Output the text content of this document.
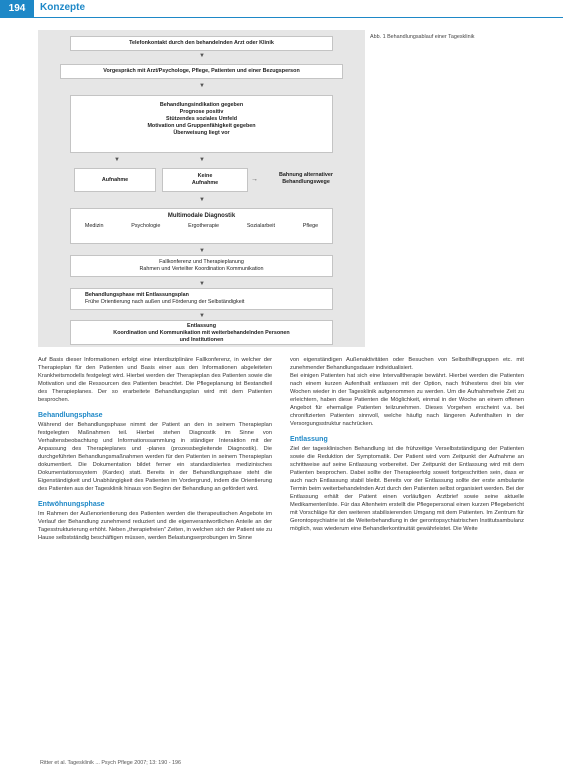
194	Konzepte
Telefonkontakt durch den behandelnden Arzt oder Klinik
▼
Vorgespräch mit Arzt/Psychologe, Pflege, Patienten und einer Bezugsperson
▼
Behandlungsindikation gegeben
Prognose positiv
Stützendes soziales Umfeld
Motivation und Gruppenfähigkeit gegeben
Überweisung liegt vor
▼	▼
Aufnahme
Keine
Aufnahme	→
Bahnung alternativer
Behandlungswege
▼
Multimodale Diagnostik
Medizin	Psychologie	Ergotherapie	Sozialarbeit	Pflege
▼
Fallkonferenz und Therapieplanung
Rahmen und Verteilter Koordination Kommunikation
▼
Behandlungsphase mit Entlassungsplan
Frühe Orientierung nach außen und Förderung der Selbständigkeit
▼
Entlassung
Koordination und Kommunikation mit weiterbehandelnden Personen
und Institutionen
Abb. 1 Behandlungsablauf einer Tagesklinik

Auf Basis dieser Informationen erfolgt eine interdisziplinäre Fallkonferenz, in welcher der Therapieplan für den Patienten und Basis einer aus den Informationen abgeleiteten Krankheitsmodells festgelegt wird. Hierbei werden der Therapieplan des Patienten sowie die Motivation und die Ressourcen des Patienten beachtet. Die Pflegeplanung ist Bestandteil des Therapieplanes. Der so erarbeitete Behandlungsplan wird mit dem Patienten besprochen.

Behandlungsphase

Während der Behandlungsphase nimmt der Patient an den in seinem Therapieplan festgelegten Maßnahmen teil. Hierbei stehen Diagnostik im Sinne von Verhaltensbeobachtung und Informationssammlung in ständiger Interaktion mit der Anpassung des Therapieplanes und -planes (prozessbegleitende Diagnostik). Die durchgeführten Behandlungsmaßnahmen werden für den Patienten in seinem Therapieplan dokumentiert. Die Dokumentation bildet ferner ein standardisiertes medizinisches Dokumentationssystem (Kardex) statt. Bereits in der Behandlungsphase steht die Eigenständigkeit und Unabhängigkeit des Patienten im Vordergrund, indem die Orientierung des Patienten aus der Tagesklinik hinaus von Beginn der Behandlung an gefördert wird.

Entwöhnungsphase

Im Rahmen der Außenorientierung des Patienten werden die therapeutischen Angebote im Verlauf der Behandlung zunehmend reduziert und die eigenverantwortlichen Anteile an der Tagesstrukturierung erhöht. Neben „therapiefreien" Zeiten, in welchen sich der Patient wie zu Hause selbstständig beschäftigen müssen, werden Belastungserprobungen im Sinne

von eigenständigen Außenaktivitäten oder Besuchen von Selbsthilfegruppen etc. mit zunehmender Behandlungsdauer individualisiert.

Bei einigen Patienten hat sich eine Intervalltherapie bewährt. Hierbei werden die Patienten nach einem kurzen Aufenthalt entlassen mit der Option, nach frühestens drei bis vier Wochen wieder in der Tagesklinik aufgenommen zu werden. Um die Aufnahmefreie Zeit zu erleichtern, haben diese Patienten die Möglichkeit, einmal in der Woche an einem offenen Angebot für ehemalige Patienten teilzunehmen. Dieses Vorgehen erscheint v.a. bei chronifizierten Patienten sinnvoll, welche häufig nach längeren Aufenthalten in der Versorgungsstruktur nachrücken.

Entlassung

Ziel der tagesklinischen Behandlung ist die frühzeitige Verselbstständigung der Patienten sowie die Reduktion der Symptomatik. Der Patient wird vom Zeitpunkt der Aufnahme an schrittweise auf seine Entlassung vorbereitet. Der Zeitpunkt der Entlassung wird mit dem Patienten besprochen. Dabei sollte der Therapieerfolg soweit fortgeschritten sein, dass er auch nach Entlassung stabil bleibt. Bereits vor der Entlassung sollte der erste ambulante Termin beim weiterbehandelnden Arzt durch den Patienten selbst organisiert werden. Bei der Entlassung erhält der Patient einen vorläufigen Arztbrief sowie seine aktuelle Medikamentenliste. Für das Altenheim erstellt die Pflegepersonal einen kurzen Pflegebericht mit Vorschläge für den weiteren stabilisierenden Umgang mit dem Patienten. Im Zentrum für Gerontopsychiatrie ist die Weiterbehandlung in der gerontopsychiatrischen Institutsambulanz möglich, was wiederum eine Behandlerkontinuität gewährleistet. Die Weite

Ritter et al. Tagesklinik ... Psych Pflege 2007; 13: 190 - 196
